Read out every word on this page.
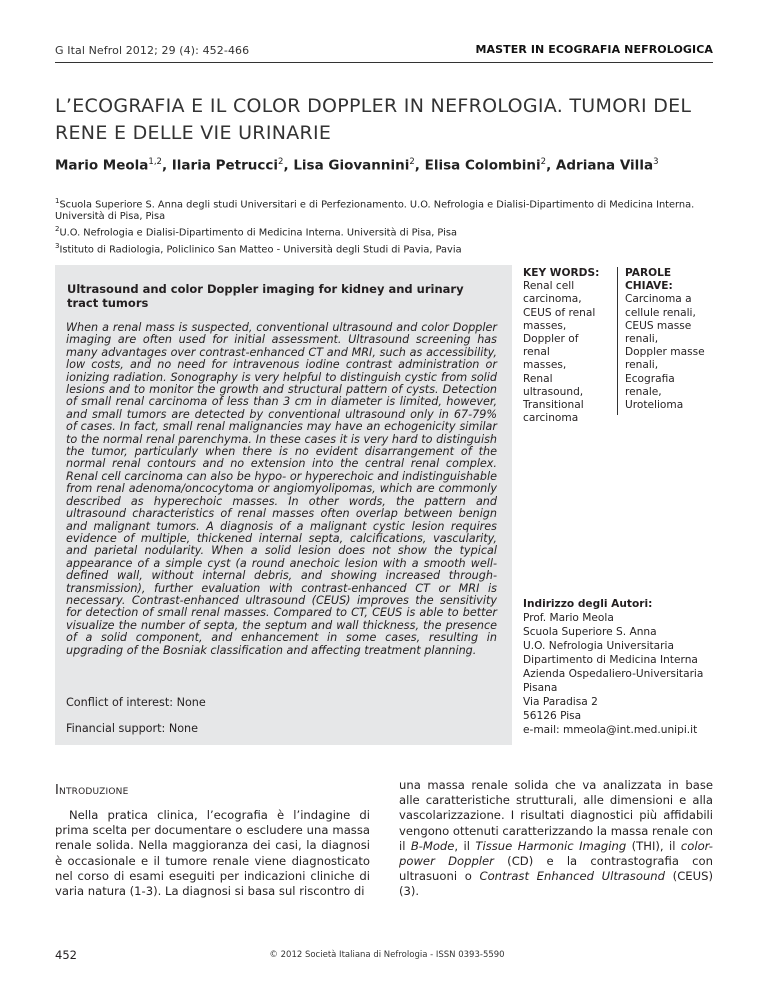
G Ital Nefrol 2012; 29 (4): 452-466	MASTER IN ECOGRAFIA NEFROLOGICA
L’ECOGRAFIA E IL COLOR DOPPLER IN NEFROLOGIA. TUMORI DEL RENE E DELLE VIE URINARIE
Mario Meola$^{1,2}$, Ilaria Petrucci$^2$, Lisa Giovannini$^2$, Elisa Colombini$^2$, Adriana Villa$^3$

$^1$Scuola Superiore S. Anna degli studi Universitari e di Perfezionamento. U.O. Nefrologia e Dialisi-Dipartimento di Medicina Interna. Università di Pisa, Pisa

$^2$U.O. Nefrologia e Dialisi-Dipartimento di Medicina Interna. Università di Pisa, Pisa

$^3$Istituto di Radiologia, Policlinico San Matteo - Università degli Studi di Pavia, Pavia

Ultrasound and color Doppler imaging for kidney and urinary tract tumors

When a renal mass is suspected, conventional ultrasound and color Doppler imaging are often used for initial assessment. Ultrasound screening has many advantages over contrast-enhanced CT and MRI, such as accessibility, low costs, and no need for intravenous iodine contrast administration or ionizing radiation. Sonography is very helpful to distinguish cystic from solid lesions and to monitor the growth and structural pattern of cysts. Detection of small renal carcinoma of less than 3 cm in diameter is limited, however, and small tumors are detected by conventional ultrasound only in 67-79% of cases. In fact, small renal malignancies may have an echogenicity similar to the normal renal parenchyma. In these cases it is very hard to distinguish the tumor, particularly when there is no evident disarrangement of the normal renal contours and no extension into the central renal complex. Renal cell carcinoma can also be hypo- or hyperechoic and indistinguishable from renal adenoma/oncocytoma or angiomyolipomas, which are commonly described as hyperechoic masses. In other words, the pattern and ultrasound characteristics of renal masses often overlap between benign and malignant tumors. A diagnosis of a malignant cystic lesion requires evidence of multiple, thickened internal septa, calcifications, vascularity, and parietal nodularity. When a solid lesion does not show the typical appearance of a simple cyst (a round anechoic lesion with a smooth well-defined wall, without internal debris, and showing increased through-transmission), further evaluation with contrast-enhanced CT or MRI is necessary. Contrast-enhanced ultrasound (CEUS) improves the sensitivity for detection of small renal masses. Compared to CT, CEUS is able to better visualize the number of septa, the septum and wall thickness, the presence of a solid component, and enhancement in some cases, resulting in upgrading of the Bosniak classification and affecting treatment planning.

Conflict of interest: None
Financial support: None
KEY WORDS:

Renal cell

carcinoma,

CEUS of renal

masses,

Doppler of renal

masses,

Renal ultrasound,

Transitional

carcinoma

PAROLE CHIAVE:

Carcinoma a

cellule renali,

CEUS masse

renali,

Doppler masse

renali,

Ecografia

renale,

Urotelioma

Indirizzo degli Autori:

Prof. Mario Meola

Scuola Superiore S. Anna

U.O. Nefrologia Universitaria

Dipartimento di Medicina Interna

Azienda Ospedaliero-Universitaria

Pisana

Via Paradisa 2

56126 Pisa

e-mail: mmeola@int.med.unipi.it

Introduzione

Nella pratica clinica, l’ecografia è l’indagine di prima scelta per documentare o escludere una massa renale solida. Nella maggioranza dei casi, la diagnosi è occasionale e il tumore renale viene diagnosticato nel corso di esami eseguiti per indicazioni cliniche di varia natura (1-3). La diagnosi si basa sul riscontro di

una massa renale solida che va analizzata in base alle caratteristiche strutturali, alle dimensioni e alla vascolarizzazione. I risultati diagnostici più affidabili vengono ottenuti caratterizzando la massa renale con il B-Mode, il Tissue Harmonic Imaging (THI), il color-power Doppler (CD) e la contrastografia con ultrasuoni o Contrast Enhanced Ultrasound (CEUS) (3).

452	© 2012 Società Italiana di Nefrologia - ISSN 0393-5590
